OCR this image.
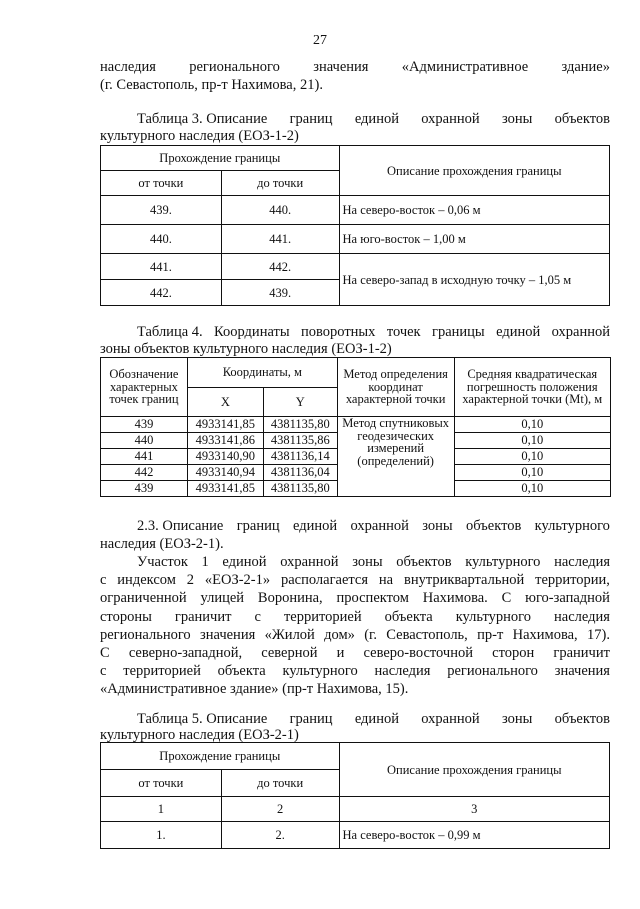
27
наследия регионального значения «Административное здание»
(г. Севастополь, пр-т Нахимова, 21).
Таблица 3. Описание границ единой охранной зоны объектов
культурного наследия (ЕОЗ-1-2)
Прохождение границы		Описание прохождения границы
от точки	до точки	
439.	440.	На северо-восток – 0,06 м
440.	441.	На юго-восток – 1,00 м
441.	442.	На северо-запад в исходную точку – 1,05 м
442.	439.	
Таблица 4. Координаты поворотных точек границы единой охранной
зоны объектов культурного наследия (ЕОЗ-1-2)
Обозначение характерных точек границ	Координаты, м		Метод определения координат характерной точки	Средняя квадратическая погрешность положения характерной точки (Mt), м
	X	Y		
439	4933141,85	4381135,80	Метод спутниковых геодезических измерений (определений)	0,10
440	4933141,86	4381135,86		0,10
441	4933140,90	4381136,14		0,10
442	4933140,94	4381136,04		0,10
439	4933141,85	4381135,80		0,10
2.3. Описание границ единой охранной зоны объектов культурного
наследия (ЕОЗ-2-1).
Участок 1 единой охранной зоны объектов культурного наследия
с индексом 2 «ЕОЗ-2-1» располагается на внутриквартальной территории,
ограниченной улицей Воронина, проспектом Нахимова. С юго-западной
стороны граничит с территорией объекта культурного наследия
регионального значения «Жилой дом» (г. Севастополь, пр-т Нахимова, 17).
С северно-западной, северной и северо-восточной сторон граничит
с территорией объекта культурного наследия регионального значения
«Административное здание» (пр-т Нахимова, 15).
Таблица 5. Описание границ единой охранной зоны объектов
культурного наследия (ЕОЗ-2-1)
Прохождение границы		Описание прохождения границы
от точки	до точки	
1	2	3
1.	2.	На северо-восток – 0,99 м
